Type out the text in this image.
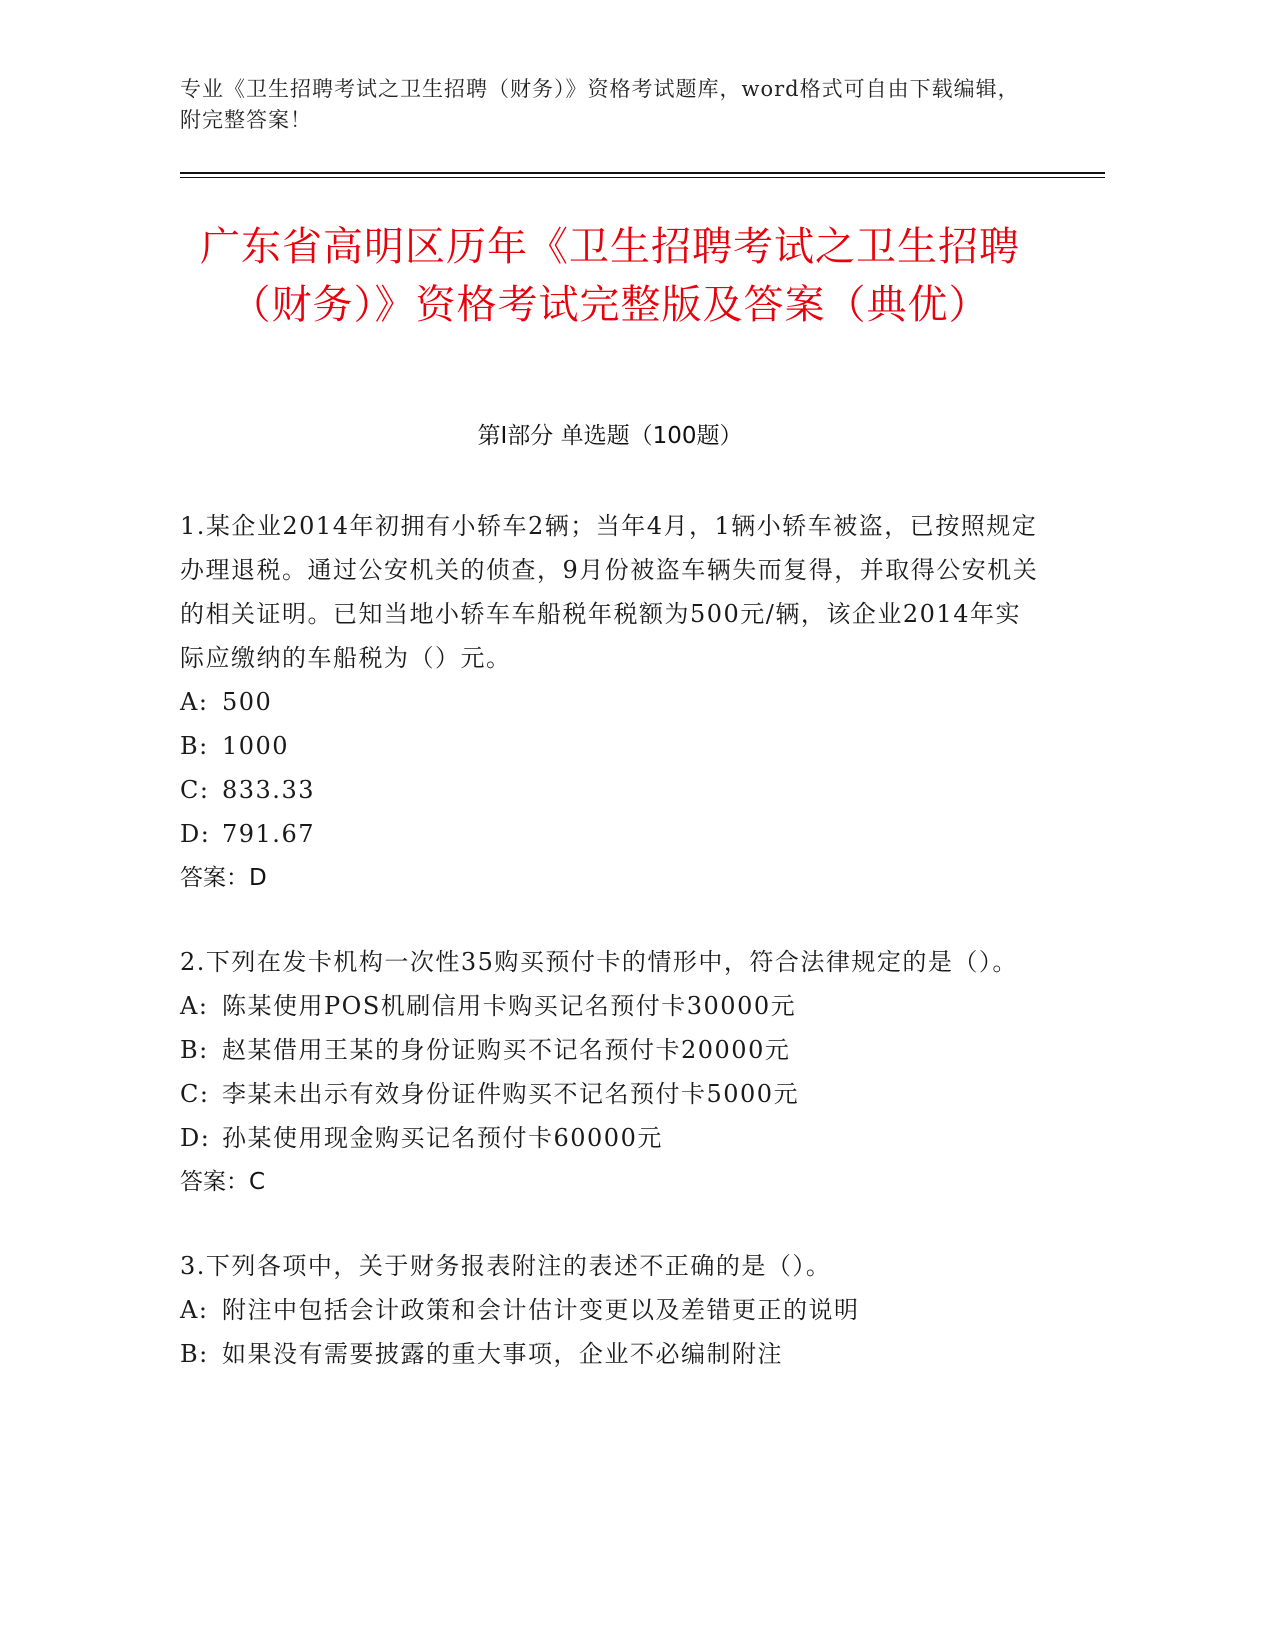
专业《卫生招聘考试之卫生招聘（财务）》资格考试题库，word格式可自由下载编辑，附完整答案！
广东省高明区历年《卫生招聘考试之卫生招聘（财务）》资格考试完整版及答案（典优）
第Ⅰ部分 单选题（100题）

1.某企业2014年初拥有小轿车2辆；当年4月，1辆小轿车被盗，已按照规定办理退税。通过公安机关的侦查，9月份被盗车辆失而复得，并取得公安机关的相关证明。已知当地小轿车车船税年税额为500元/辆，该企业2014年实际应缴纳的车船税为（）元。

A: 500
B: 1000
C: 833.33
D: 791.67
答案：D

2.下列在发卡机构一次性35购买预付卡的情形中，符合法律规定的是（）。

A: 陈某使用POS机刷信用卡购买记名预付卡30000元
B: 赵某借用王某的身份证购买不记名预付卡20000元
C: 李某未出示有效身份证件购买不记名预付卡5000元
D: 孙某使用现金购买记名预付卡60000元
答案：C

3.下列各项中，关于财务报表附注的表述不正确的是（）。

A: 附注中包括会计政策和会计估计变更以及差错更正的说明
B: 如果没有需要披露的重大事项，企业不必编制附注
